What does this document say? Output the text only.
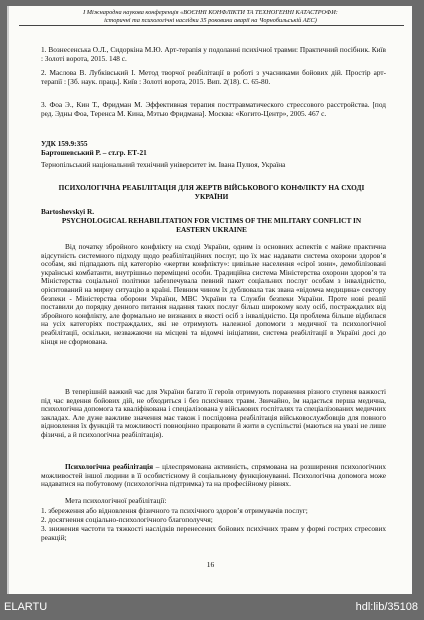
І Міжнародна наукова конференція «ВОЄННІ КОНФЛІКТИ ТА ТЕХНОГЕННІ КАТАСТРОФИ:
історичні та психологічні наслідки 35 роковини аварії на Чорнобильській АЕС)
1. Вознесенська О.Л., Сидоркіна М.Ю. Арт-терапія у подоланні психічної травми: Практичний посібник. Київ : Золоті ворота, 2015. 148 с.
2. Маслова В. Лубківський І. Метод творчої реабілітації в роботі з учасниками бойових дій. Простір арт-терапії : [Зб. наук. праць]. Київ : Золоті ворота, 2015. Вип. 2(18). С. 65-80.
3. Фоа Э., Кин Т., Фридман М. Эффективная терапия посттравматического стрессового расстройства. [под ред. Эдны Фоа, Теренса М. Кина, Мэтью Фридмана]. Москва: «Когито-Центр», 2005. 467 с.
УДК 159.9:355
Бартошевський Р. – ст.гр. ЕТ-21
Тернопільський національний технічний університет ім. Івана Пулюя, Україна
ПСИХОЛОГІЧНА РЕАБІЛІТАЦІЯ ДЛЯ ЖЕРТВ ВІЙСЬКОВОГО КОНФЛІКТУ НА СХОДІ УКРАЇНИ
Bartoshevskyi R.
PSYCHOLOGICAL REHABILITATION FOR VICTIMS OF THE MILITARY CONFLICT IN EASTERN UKRAINE
Від початку збройного конфлікту на сході України, одним із основних аспектів є майже практична відсутність системного підходу щодо реабілітаційних послуг, що їх має надавати система охорони здоров’я особам, які підпадають під категорію «жертви конфлікту»: цивільне населення «сірої зони», демобілізовані українські комбатанти, внутрішньо переміщені особи. Традиційна система Міністерства охорони здоров’я та Міністерства соціальної політики забезпечувала певний пакет соціальних послуг особам з інвалідністю, орієнтований на мирну ситуацію в країні. Певним чином їх дублювала так звана «відомча медицина» сектору безпеки - Міністерства оборони України, МВС України та Служби безпеки України. Проте нові реалії поставили до порядку денного питання надання таких послуг більш широкому колу осіб, постраждалих від збройного конфлікту, але формально не визнаних в якості осіб з інвалідністю. Ця проблема більше відбилася на усіх категоріях постраждалих, які не отримують належної допомоги з медичної та психологічної реабілітації, оскільки, незважаючи на місцеві та відомчі ініціативи, система реабілітації в Україні досі до кінця не сформована.
В теперішній важкий час для України багато її героїв отримують поранення різного ступеня важкості під час ведення бойових дій, не обходиться і без психічних травм. Звичайно, їм надається перша медична, психологічна допомога та кваліфікована і спеціалізована у військових госпіталях та спеціалізованих медичних закладах. Але дуже важливе значення має також і послідовна реабілітація військовослужбовців для повного відновлення їх функцій та можливості повноцінно працювати й жити в суспільстві (маються на увазі не лише фізичні, а й психологічна реабілітація).
Психологічна реабілітація – цілеспрямована активність, спрямована на розширення психологічних можливостей іншої людини в її особистісному й соціальному функціонуванні. Психологічна допомога може надаватися на побутовому (психологічна підтримка) та на професійному рівнях.
Мета психологічної реабілітації:
1. збереження або відновлення фізичного та психічного здоров’я отримувачів послуг;
2. досягнення соціально-психологічного благополуччя;
3. знижения частоти та тяжкості наслідків перенесених бойових психічних травм у формі гострих стресових реакцій;
16
ELARTU	hdl:lib/35108
